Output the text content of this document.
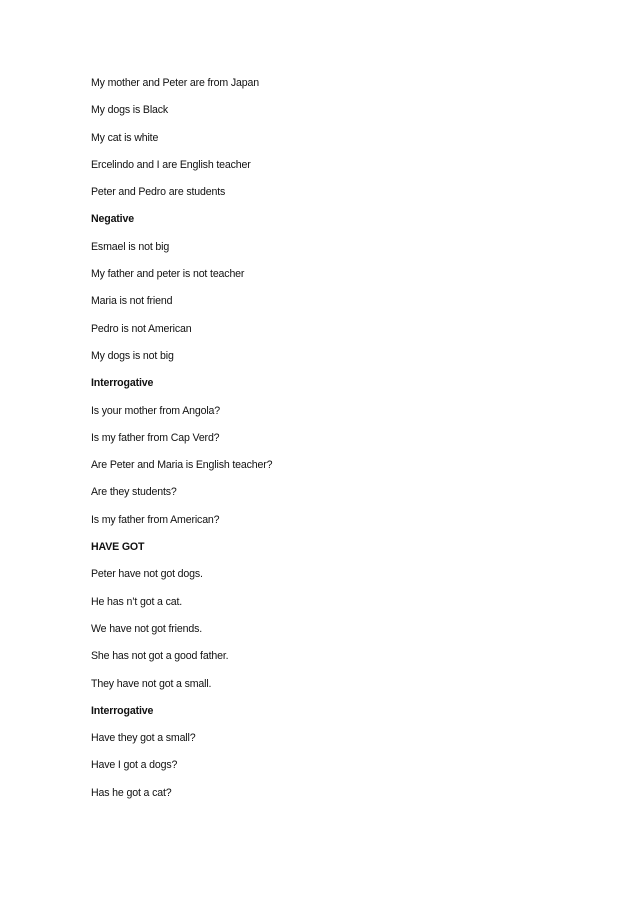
My mother and Peter are from Japan
My dogs is Black
My cat is white
Ercelindo and I are English teacher
Peter and Pedro are students
Negative
Esmael is not big
My father and peter is not teacher
Maria is not friend
Pedro is not American
My dogs is not big
Interrogative
Is your mother from Angola?
Is my father from Cap Verd?
Are Peter and Maria is English teacher?
Are they students?
Is my father from American?
HAVE GOT
Peter have not got dogs.
He has n’t got a cat.
We have not got friends.
She has not got a good father.
They have not got a small.
Interrogative
Have they got a small?
Have I got a dogs?
Has he got a cat?
